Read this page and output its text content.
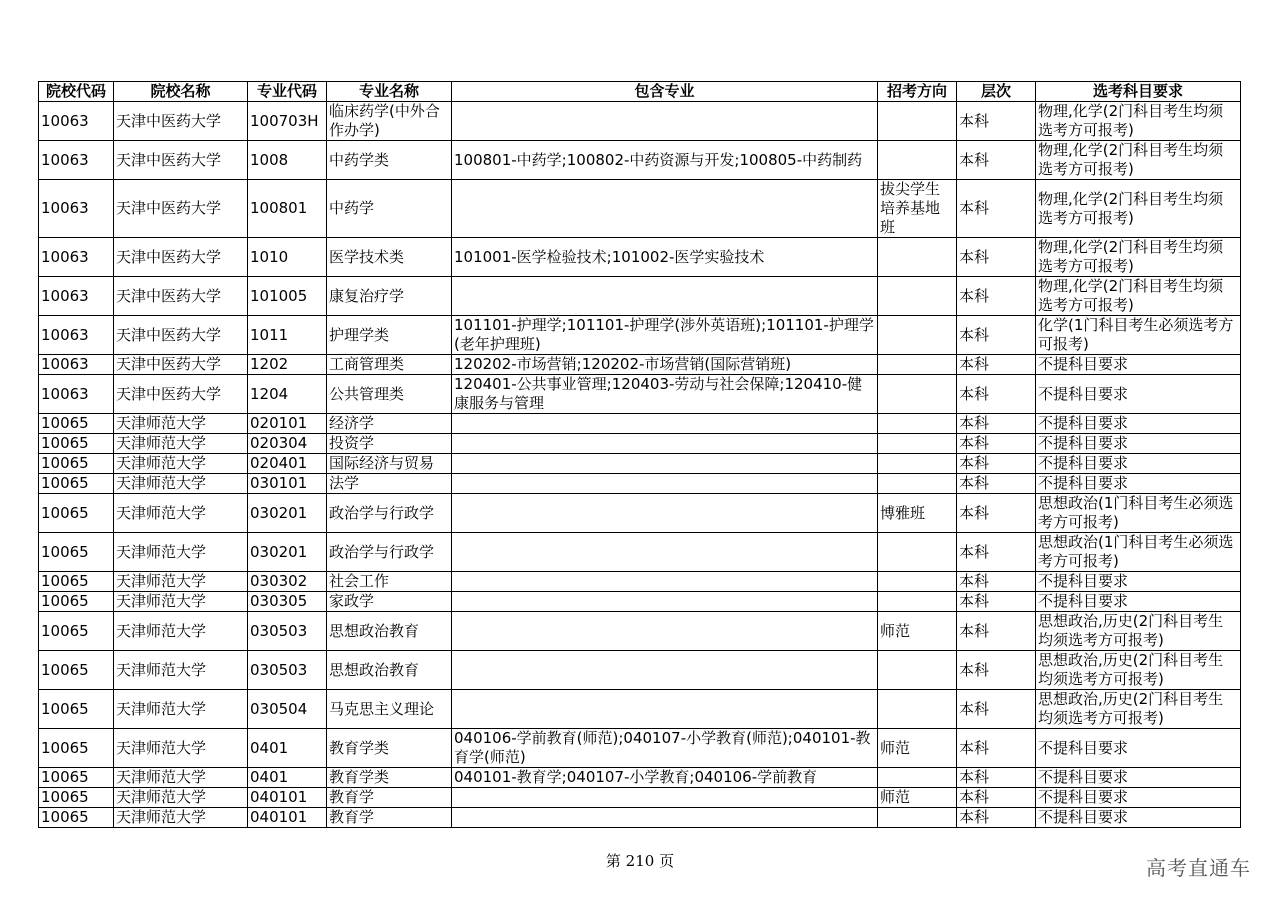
院校代码	院校名称	专业代码	专业名称	包含专业	招考方向	层次	选考科目要求
10063	天津中医药大学	100703H	临床药学(中外合作办学)			本科	物理,化学(2门科目考生均须选考方可报考)
10063	天津中医药大学	1008	中药学类	100801-中药学;100802-中药资源与开发;100805-中药制药		本科	物理,化学(2门科目考生均须选考方可报考)
10063	天津中医药大学	100801	中药学		拔尖学生培养基地班	本科	物理,化学(2门科目考生均须选考方可报考)
10063	天津中医药大学	1010	医学技术类	101001-医学检验技术;101002-医学实验技术		本科	物理,化学(2门科目考生均须选考方可报考)
10063	天津中医药大学	101005	康复治疗学			本科	物理,化学(2门科目考生均须选考方可报考)
10063	天津中医药大学	1011	护理学类	101101-护理学;101101-护理学(涉外英语班);101101-护理学(老年护理班)		本科	化学(1门科目考生必须选考方可报考)
10063	天津中医药大学	1202	工商管理类	120202-市场营销;120202-市场营销(国际营销班)		本科	不提科目要求
10063	天津中医药大学	1204	公共管理类	120401-公共事业管理;120403-劳动与社会保障;120410-健康服务与管理		本科	不提科目要求
10065	天津师范大学	020101	经济学			本科	不提科目要求
10065	天津师范大学	020304	投资学			本科	不提科目要求
10065	天津师范大学	020401	国际经济与贸易			本科	不提科目要求
10065	天津师范大学	030101	法学			本科	不提科目要求
10065	天津师范大学	030201	政治学与行政学		博雅班	本科	思想政治(1门科目考生必须选考方可报考)
10065	天津师范大学	030201	政治学与行政学			本科	思想政治(1门科目考生必须选考方可报考)
10065	天津师范大学	030302	社会工作			本科	不提科目要求
10065	天津师范大学	030305	家政学			本科	不提科目要求
10065	天津师范大学	030503	思想政治教育		师范	本科	思想政治,历史(2门科目考生均须选考方可报考)
10065	天津师范大学	030503	思想政治教育			本科	思想政治,历史(2门科目考生均须选考方可报考)
10065	天津师范大学	030504	马克思主义理论			本科	思想政治,历史(2门科目考生均须选考方可报考)
10065	天津师范大学	0401	教育学类	040106-学前教育(师范);040107-小学教育(师范);040101-教育学(师范)	师范	本科	不提科目要求
10065	天津师范大学	0401	教育学类	040101-教育学;040107-小学教育;040106-学前教育		本科	不提科目要求
10065	天津师范大学	040101	教育学		师范	本科	不提科目要求
10065	天津师范大学	040101	教育学			本科	不提科目要求
第 210 页	高考直通车
